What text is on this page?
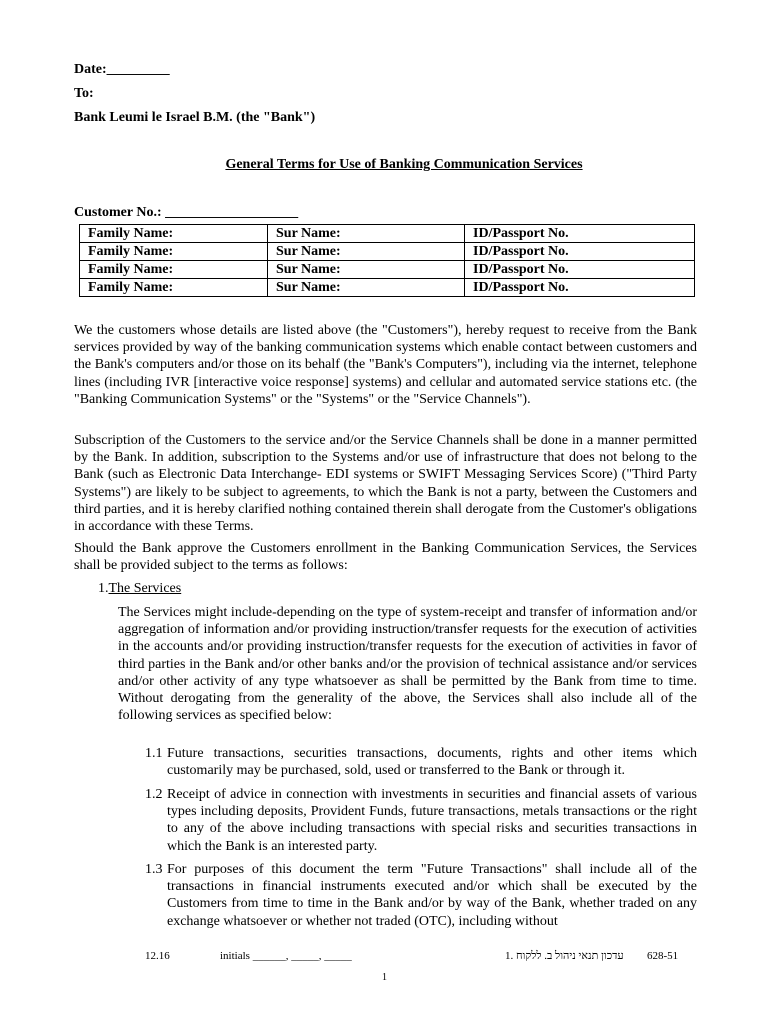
Date:_________
To:
Bank Leumi le Israel B.M. (the "Bank")
General Terms for Use of Banking Communication Services
Customer No.: ___________________
Family Name:	Sur Name:	ID/Passport No.
Family Name:	Sur Name:	ID/Passport No.
Family Name:	Sur Name:	ID/Passport No.
Family Name:	Sur Name:	ID/Passport No.
We the customers whose details are listed above (the "Customers"), hereby request to receive from the Bank services provided by way of the banking communication systems which enable contact between customers and the Bank's computers and/or those on its behalf (the "Bank's Computers"), including via the internet, telephone lines (including IVR [interactive voice response] systems) and cellular and automated service stations etc. (the "Banking Communication Systems" or the "Systems" or the "Service Channels").
Subscription of the Customers to the service and/or the Service Channels shall be done in a manner permitted by the Bank. In addition, subscription to the Systems and/or use of infrastructure that does not belong to the Bank (such as Electronic Data Interchange- EDI systems or SWIFT Messaging Services Score) ("Third Party Systems") are likely to be subject to agreements, to which the Bank is not a party, between the Customers and third parties, and it is hereby clarified nothing contained therein shall derogate from the Customer's obligations in accordance with these Terms.
Should the Bank approve the Customers enrollment in the Banking Communication Services, the Services shall be provided subject to the terms as follows:
1.The Services
The Services might include-depending on the type of system-receipt and transfer of information and/or aggregation of information and/or providing instruction/transfer requests for the execution of activities in the accounts and/or providing instruction/transfer requests for the execution of activities in favor of third parties in the Bank and/or other banks and/or the provision of technical assistance and/or services and/or other activity of any type whatsoever as shall be permitted by the Bank from time to time. Without derogating from the generality of the above, the Services shall also include all of the following services as specified below:
1.1 Future transactions, securities transactions, documents, rights and other items which customarily may be purchased, sold, used or transferred to the Bank or through it.
1.2 Receipt of advice in connection with investments in securities and financial assets of various types including deposits, Provident Funds, future transactions, metals transactions or the right to any of the above including transactions with special risks and securities transactions in which the Bank is an interested party.
1.3 For purposes of this document the term "Future Transactions" shall include all of the transactions in financial instruments executed and/or which shall be executed by the Customers from time to time in the Bank and/or by way of the Bank, whether traded on any exchange whatsoever or whether not traded (OTC), including without
12.16	initials ______, _____, _____	עדכון תנאי ניהול ב. ללקוח .1 628-51
1
